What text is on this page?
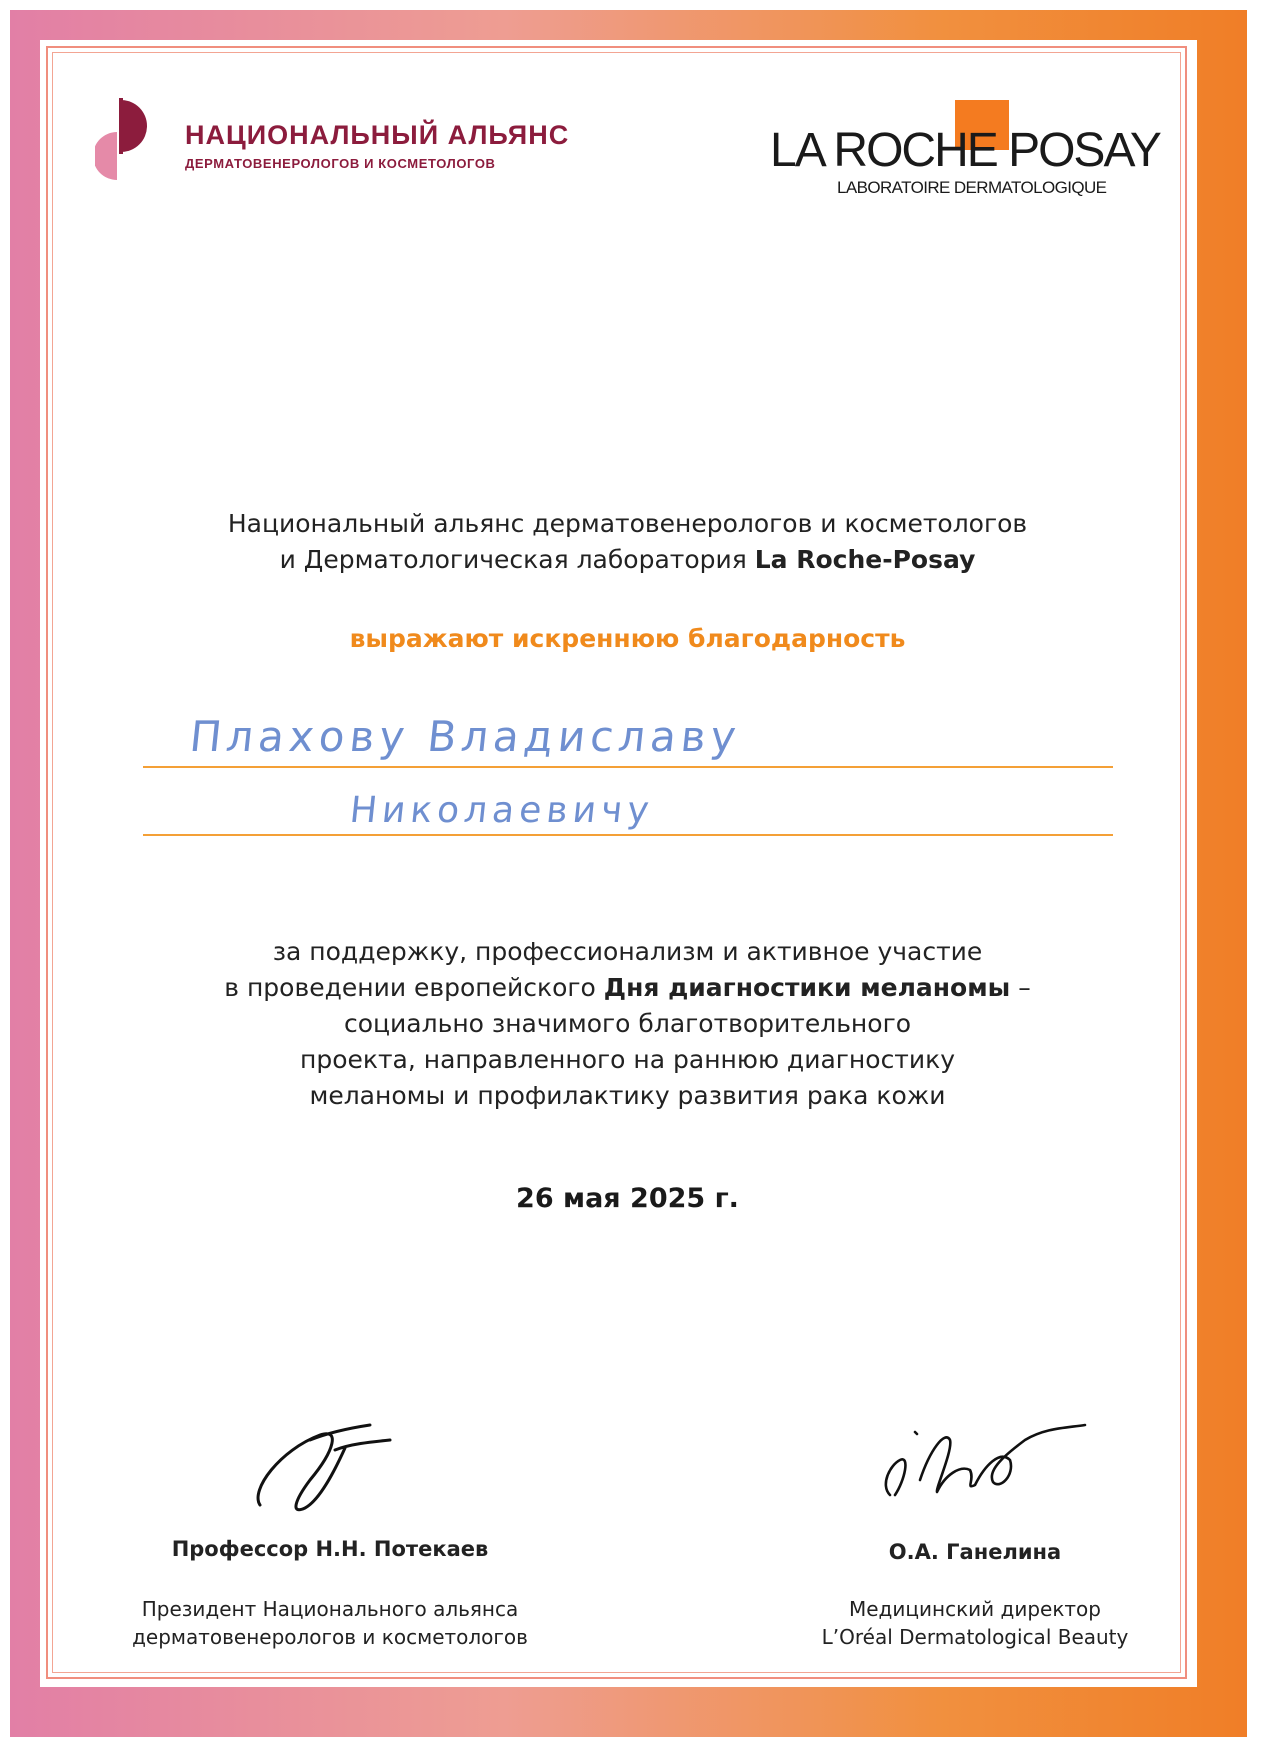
НАЦИОНАЛЬНЫЙ АЛЬЯНС
ДЕРМАТОВЕНЕРОЛОГОВ И КОСМЕТОЛОГОВ	LA ROCHE POSAY
LABORATOIRE DERMATOLOGIQUE
Национальный альянс дерматовенерологов и косметологов
и Дерматологическая лаборатория La Roche-Posay
выражают искреннюю благодарность
Плахову Владиславу
Николаевичу
за поддержку, профессионализм и активное участие
в проведении европейского Дня диагностики меланомы –
социально значимого благотворительного
проекта, направленного на раннюю диагностику
меланомы и профилактику развития рака кожи
26 мая 2025 г.
Профессор Н.Н. Потекаев
Президент Национального альянса
дерматовенерологов и косметологов
О.А. Ганелина
Медицинский директор
L’Oréal Dermatological Beauty
